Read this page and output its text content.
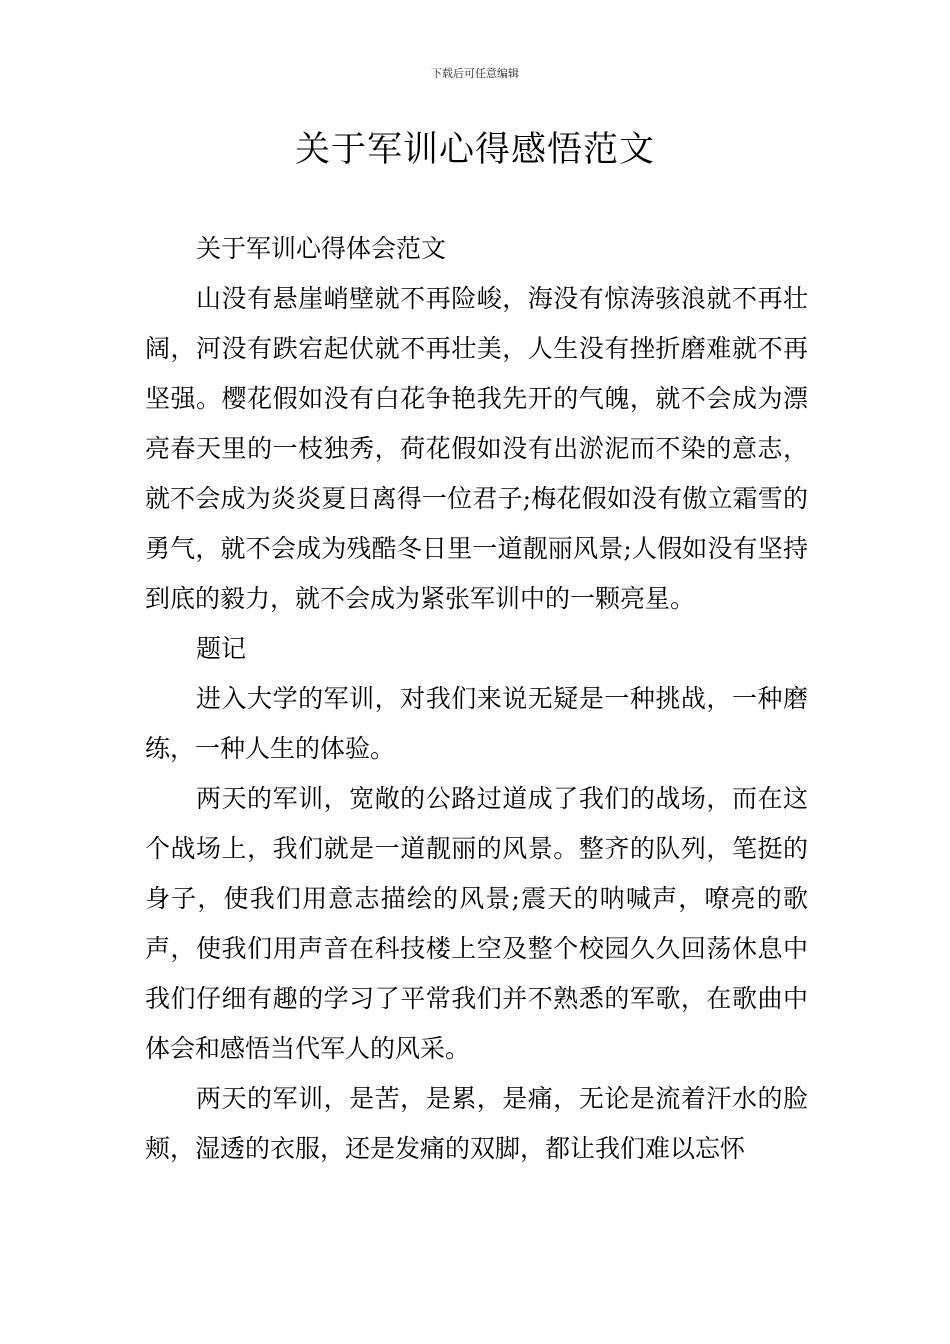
下载后可任意编辑
关于军训心得感悟范文

关于军训心得体会范文

山没有悬崖峭壁就不再险峻，海没有惊涛骇浪就不再壮阔，河没有跌宕起伏就不再壮美，人生没有挫折磨难就不再坚强。樱花假如没有白花争艳我先开的气魄，就不会成为漂亮春天里的一枝独秀，荷花假如没有出淤泥而不染的意志，就不会成为炎炎夏日离得一位君子;梅花假如没有傲立霜雪的勇气，就不会成为残酷冬日里一道靓丽风景;人假如没有坚持到底的毅力，就不会成为紧张军训中的一颗亮星。

题记

进入大学的军训，对我们来说无疑是一种挑战，一种磨练，一种人生的体验。

两天的军训，宽敞的公路过道成了我们的战场，而在这个战场上，我们就是一道靓丽的风景。整齐的队列，笔挺的身子，使我们用意志描绘的风景;震天的呐喊声，嘹亮的歌声，使我们用声音在科技楼上空及整个校园久久回荡休息中我们仔细有趣的学习了平常我们并不熟悉的军歌，在歌曲中体会和感悟当代军人的风采。

两天的军训，是苦，是累，是痛，无论是流着汗水的脸颊，湿透的衣服，还是发痛的双脚，都让我们难以忘怀
